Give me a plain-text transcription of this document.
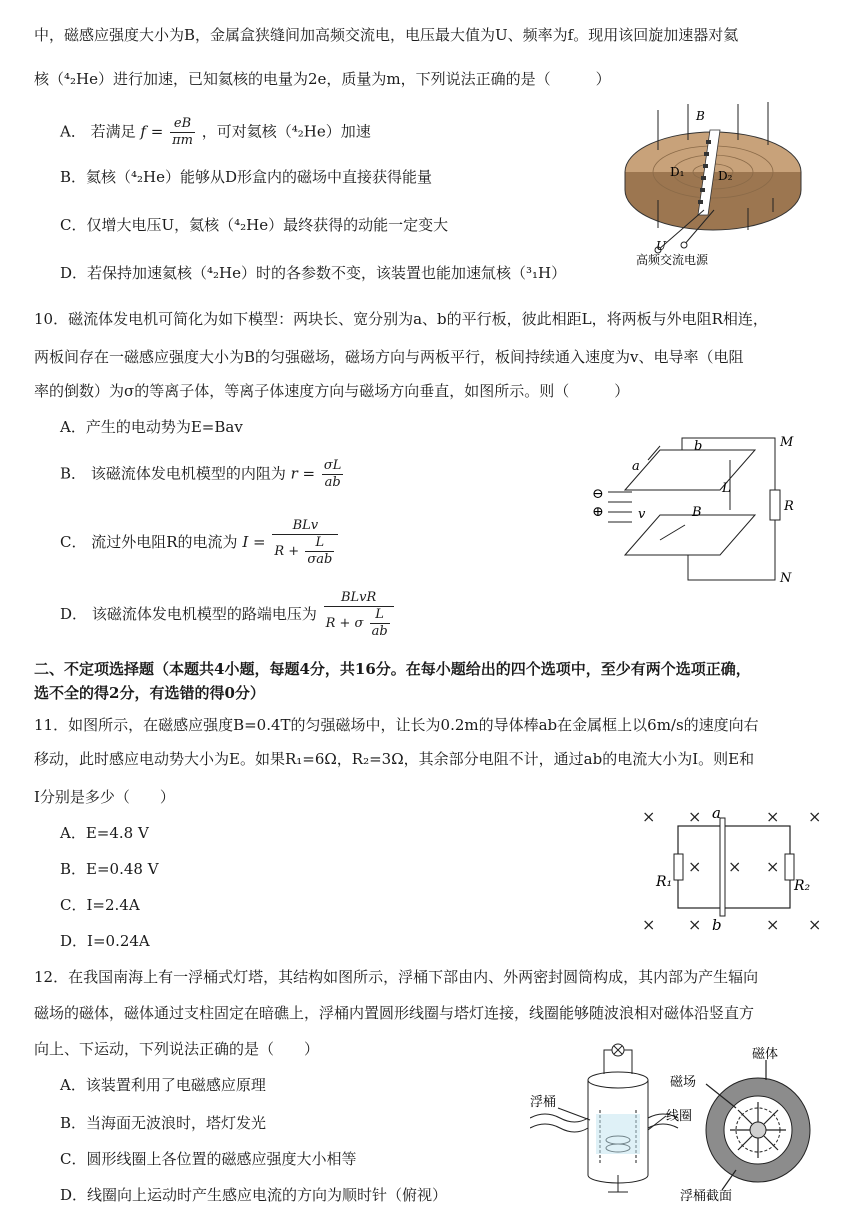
中，磁感应强度大小为B，金属盒狭缝间加高频交流电，电压最大值为U、频率为f。现用该回旋加速器对氦
核（⁴₂He）进行加速，已知氦核的电量为2e，质量为m，下列说法正确的是（　　　）
A． 若满足 $f = \frac{eB}{\pi m}$ ，可对氦核（⁴₂He）加速
B．氦核（⁴₂He）能够从D形盒内的磁场中直接获得能量
C．仅增大电压U，氦核（⁴₂He）最终获得的动能一定变大
D．若保持加速氦核（⁴₂He）时的各参数不变，该装置也能加速氚核（³₁H）
B
D₁	D₂
U
高频交流电源
10．磁流体发电机可简化为如下模型：两块长、宽分别为a、b的平行板，彼此相距L，将两板与外电阻R相连，
两板间存在一磁感应强度大小为B的匀强磁场，磁场方向与两板平行，板间持续通入速度为v、电导率（电阻
率的倒数）为σ的等离子体，等离子体速度方向与磁场方向垂直，如图所示。则（　　　）
A．产生的电动势为E=Bav
B． 该磁流体发电机模型的内阻为 $r = \frac{\sigma L}{ab}$
C． 流过外电阻R的电流为 $I = \frac{\text{BLv}}{R + \frac{L}{\text{σab}}}$
D． 该磁流体发电机模型的路端电压为 $\frac{\text{BLvR}}{R + \sigma \frac{L}{ab}}$
⊖
⊕	v
a
b
L
B	R
M
N
二、不定项选择题（本题共4小题，每题4分，共16分。在每小题给出的四个选项中，至少有两个选项正确，
选不全的得2分，有选错的得0分）
11．如图所示，在磁感应强度B=0.4T的匀强磁场中，让长为0.2m的导体棒ab在金属框上以6m/s的速度向右
移动，此时感应电动势大小为E。如果R₁=6Ω，R₂=3Ω，其余部分电阻不计，通过ab的电流大小为I。则E和
I分别是多少（　　）
A．E=4.8 V
B．E=0.48 V
C．I=2.4A
D．I=0.24A
× ×	× ×
× × ×
× ×	× ×
a
b
R₁	R₂
12．在我国南海上有一浮桶式灯塔，其结构如图所示，浮桶下部由内、外两密封圆筒构成，其内部为产生辐向
磁场的磁体，磁体通过支柱固定在暗礁上，浮桶内置圆形线圈与塔灯连接，线圈能够随波浪相对磁体沿竖直方
向上、下运动，下列说法正确的是（　　）
A．该装置利用了电磁感应原理
B．当海面无波浪时，塔灯发光
C．圆形线圈上各位置的磁感应强度大小相等
D．线圈向上运动时产生感应电流的方向为顺时针（俯视）
浮桶
线圈
磁场
磁体
浮桶截面
